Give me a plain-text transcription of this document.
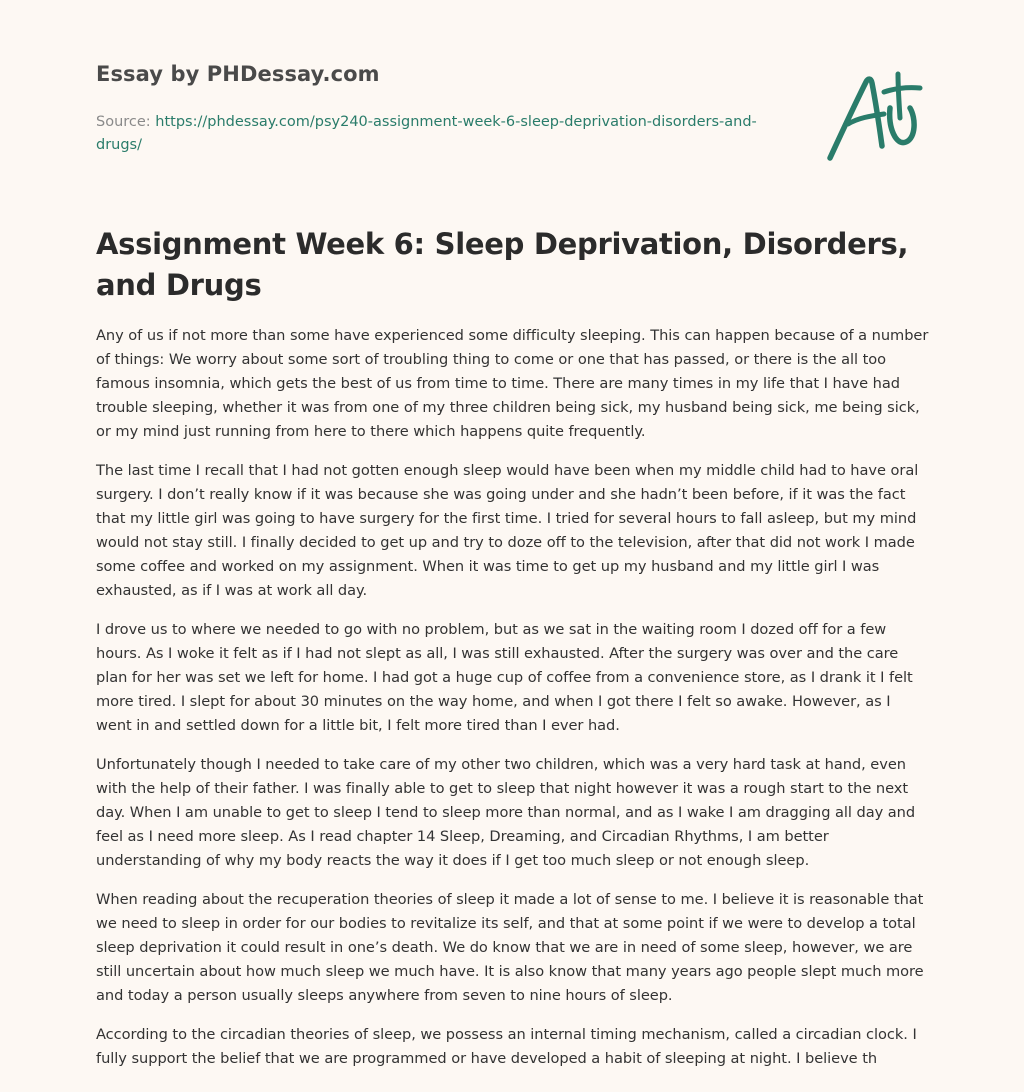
Essay by PHDessay.com
Source: https://phdessay.com/psy240-assignment-week-6-sleep-deprivation-disorders-and-drugs/
Assignment Week 6: Sleep Deprivation, Disorders, and Drugs

Any of us if not more than some have experienced some difficulty sleeping. This can happen because of a number of things: We worry about some sort of troubling thing to come or one that has passed, or there is the all too famous insomnia, which gets the best of us from time to time. There are many times in my life that I have had trouble sleeping, whether it was from one of my three children being sick, my husband being sick, me being sick, or my mind just running from here to there which happens quite frequently.

The last time I recall that I had not gotten enough sleep would have been when my middle child had to have oral surgery. I don’t really know if it was because she was going under and she hadn’t been before, if it was the fact that my little girl was going to have surgery for the first time. I tried for several hours to fall asleep, but my mind would not stay still. I finally decided to get up and try to doze off to the television, after that did not work I made some coffee and worked on my assignment. When it was time to get up my husband and my little girl I was exhausted, as if I was at work all day.

I drove us to where we needed to go with no problem, but as we sat in the waiting room I dozed off for a few hours. As I woke it felt as if I had not slept as all, I was still exhausted. After the surgery was over and the care plan for her was set we left for home. I had got a huge cup of coffee from a convenience store, as I drank it I felt more tired. I slept for about 30 minutes on the way home, and when I got there I felt so awake. However, as I went in and settled down for a little bit, I felt more tired than I ever had.

Unfortunately though I needed to take care of my other two children, which was a very hard task at hand, even with the help of their father. I was finally able to get to sleep that night however it was a rough start to the next day. When I am unable to get to sleep I tend to sleep more than normal, and as I wake I am dragging all day and feel as I need more sleep. As I read chapter 14 Sleep, Dreaming, and Circadian Rhythms, I am better understanding of why my body reacts the way it does if I get too much sleep or not enough sleep.

When reading about the recuperation theories of sleep it made a lot of sense to me. I believe it is reasonable that we need to sleep in order for our bodies to revitalize its self, and that at some point if we were to develop a total sleep deprivation it could result in one’s death. We do know that we are in need of some sleep, however, we are still uncertain about how much sleep we much have. It is also know that many years ago people slept much more and today a person usually sleeps anywhere from seven to nine hours of sleep.

According to the circadian theories of sleep, we possess an internal timing mechanism, called a circadian clock. I fully support the belief that we are programmed or have developed a habit of sleeping at night. I believe th
